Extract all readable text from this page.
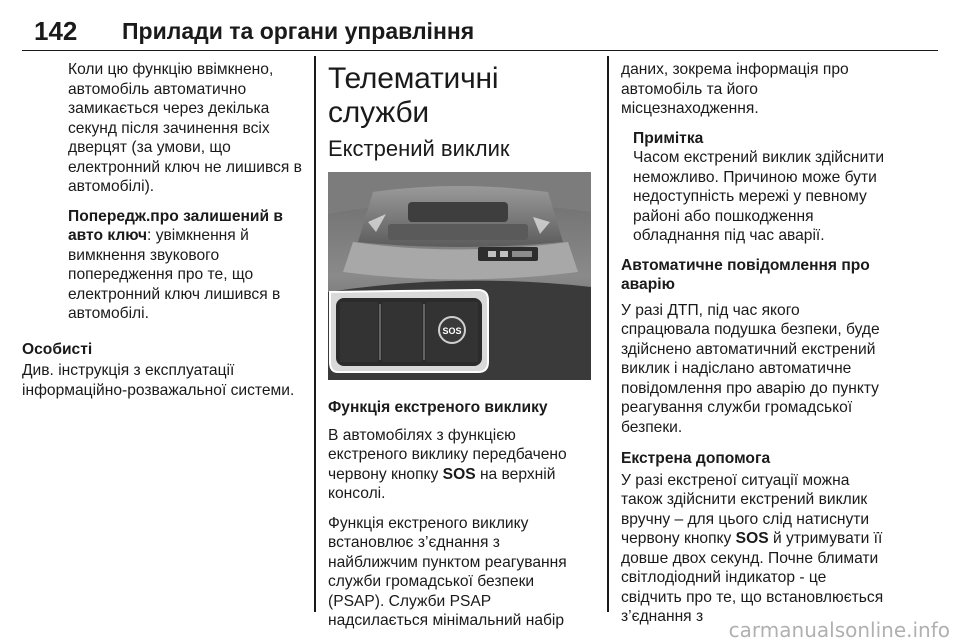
142 Прилади та органи управління

Коли цю функцію ввімкнено, автомобіль автоматично замикається через декілька секунд після зачинення всіх дверцят (за умови, що електронний ключ не лишився в автомобілі).

Попередж.про залишений в авто ключ: увімкнення й вимкнення звукового попередження про те, що електронний ключ лишився в автомобілі.

Особисті

Див. інструкція з експлуатації інформаційно-розважальної системи.

Телематичні служби
Екстрений виклик
SOS
Функція екстреного виклику

В автомобілях з функцією екстреного виклику передбачено червону кнопку SOS на верхній консолі.

Функція екстреного виклику встановлює з’єднання з найближчим пунктом реагування служби громадської безпеки (PSAP). Служби PSAP надсилається мінімальний набір

даних, зокрема інформація про автомобіль та його місцезнаходження.

Примітка

Часом екстрений виклик здійснити неможливо. Причиною може бути недоступність мережі у певному районі або пошкодження обладнання під час аварії.

Автоматичне повідомлення про аварію

У разі ДТП, під час якого спрацювала подушка безпеки, буде здійснено автоматичний екстрений виклик і надіслано автоматичне повідомлення про аварію до пункту реагування служби громадської безпеки.

Екстрена допомога

У разі екстреної ситуації можна також здійснити екстрений виклик вручну – для цього слід натиснути червону кнопку SOS й утримувати її довше двох секунд. Почне блимати світлодіодний індикатор - це свідчить про те, що встановлюється з’єднання з

carmanualsonline.info
